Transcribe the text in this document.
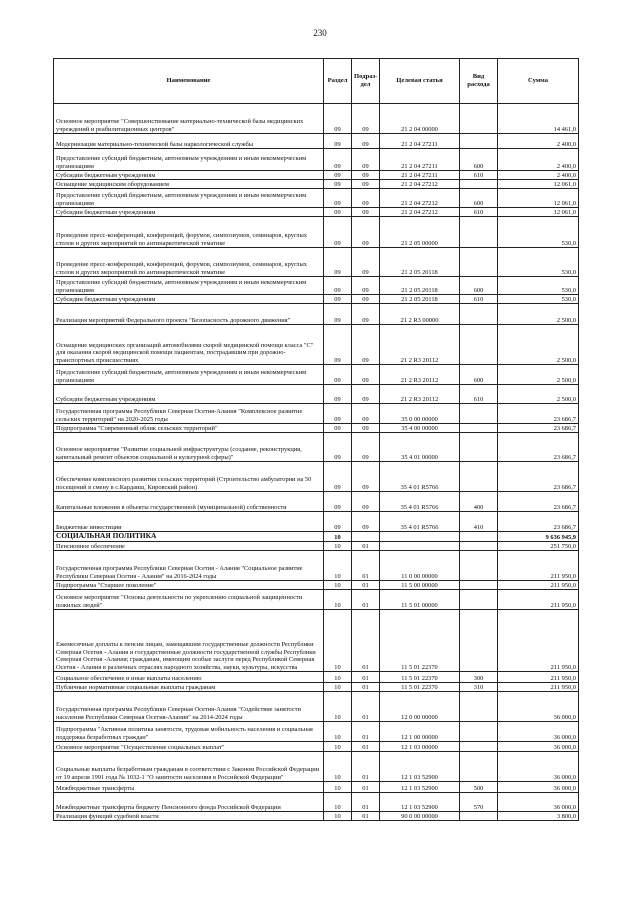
230
Наименование	Раздел	Подраз-дел	Целевая статья	Вид расхода	Сумма
Основное мероприятие "Совершенствование материально-технической базы медицинских учреждений и реабилитационных центров"	09	09	21 2 04 00000		14 461,0
Модернизация материально-технической базы наркологической службы	09	09	21 2 04 27211		2 400,0
Предоставление субсидий бюджетным, автономным учреждениям и иным некоммерческим организациям	09	09	21 2 04 27211	600	2 400,0
Субсидии бюджетным учреждениям	09	09	21 2 04 27211	610	2 400,0
Оснащение медицинским оборудованием	09	09	21 2 04 27212		12 061,0
Предоставление субсидий бюджетным, автономным учреждениям и иным некоммерческим организациям	09	09	21 2 04 27212	600	12 061,0
Субсидии бюджетным учреждениям	09	09	21 2 04 27212	610	12 061,0
Проведение пресс-конференций, конференций, форумов, симпозиумов, семинаров, круглых столов и других мероприятий по антинаркотической тематике	09	09	21 2 05 00000		530,0
Проведение пресс-конференций, конференций, форумов, симпозиумов, семинаров, круглых столов и других мероприятий по антинаркотической тематике	09	09	21 2 05 20118		530,0
Предоставление субсидий бюджетным, автономным учреждениям и иным некоммерческим организациям	09	09	21 2 05 20118	600	530,0
Субсидии бюджетным учреждениям	09	09	21 2 05 20118	610	530,0
Реализация мероприятий Федерального проекта "Безопасность дорожного движения"	09	09	21 2 R3 00000		2 500,0
Оснащение медицинских организаций автомобилями скорой медицинской помощи класса "С" для оказания скорой медицинской помощи пациентам, пострадавшим при дорожно-транспортных происшествиях	09	09	21 2 R3 20112		2 500,0
Предоставление субсидий бюджетным, автономным учреждениям и иным некоммерческим организациям	09	09	21 2 R3 20112	600	2 500,0
Субсидии бюджетным учреждениям	09	09	21 2 R3 20112	610	2 500,0
Государственная программа Республики Северная Осетия-Алания "Комплексное развитие сельских территорий" на 2020-2025 годы	09	09	35 0 00 00000		23 686,7
Подпрограмма "Современный облик сельских территорий"	09	09	35 4 00 00000		23 686,7
Основное мероприятие "Развитие социальной инфраструктуры (создание, реконструкция, капитальный ремонт объектов социальной и культурной сферы)"	09	09	35 4 01 00000		23 686,7
Обеспечение комплексного развития сельских территорий (Строительство амбулатории на 50 посещений в смену в с.Кардаиш, Кировский район)	09	09	35 4 01 R5766		23 686,7
Капитальные вложения в объекты государственной (муниципальной) собственности	09	09	35 4 01 R5766	400	23 686,7
Бюджетные инвестиции	09	09	35 4 01 R5766	410	23 686,7
СОЦИАЛЬНАЯ ПОЛИТИКА	10				9 636 945,9
Пенсионное обеспечение	10	01			251 750,0
Государственная программа Республики Северная Осетия - Алания "Социальное развитие Республики Северная Осетия - Алания" на 2016-2024 годы	10	01	11 0 00 00000		211 950,0
Подпрограмма "Старшее поколение"	10	01	11 5 00 00000		211 950,0
Основное мероприятие "Основы деятельности по укреплению социальной защищенности пожилых людей"	10	01	11 5 01 00000		211 950,0
Ежемесячные доплаты к пенсии лицам, замещавшим государственные должности Республики Северная Осетия - Алания и государственные должности государственной службы Республики Северная Осетия -Алания; гражданам, имеющим особые заслуги перед Республикой Северная Осетия - Алания в различных отраслях народного хозяйства, науки, культуры, искусства	10	01	11 5 01 22370		211 950,0
Социальное обеспечение и иные выплаты населению	10	01	11 5 01 22370	300	211 950,0
Публичные нормативные социальные выплаты гражданам	10	01	11 5 01 22370	310	211 950,0
Государственная программа Республики Северная Осетия-Алания "Содействие занятости населения Республики Северная Осетия-Алания" на 2014-2024 годы	10	01	12 0 00 00000		36 000,0
Подпрограмма "Активная политика занятости, трудовая мобильность населения и социальная поддержка безработных граждан"	10	01	12 1 00 00000		36 000,0
Основное мероприятие "Осуществление социальных выплат"	10	01	12 1 03 00000		36 000,0
Социальные выплаты безработным гражданам в соответствии с Законом Российской Федерации от 19 апреля 1991 года № 1032-1 "О занятости населения в Российской Федерации"	10	01	12 1 03 52900		36 000,0
Межбюджетные трансферты	10	01	12 1 03 52900	500	36 000,0
Межбюджетные трансферты бюджету Пенсионного фонда Российской Федерации	10	01	12 1 03 52900	570	36 000,0
Реализация функций судебной власти	10	01	90 0 00 00000		3 800,0
